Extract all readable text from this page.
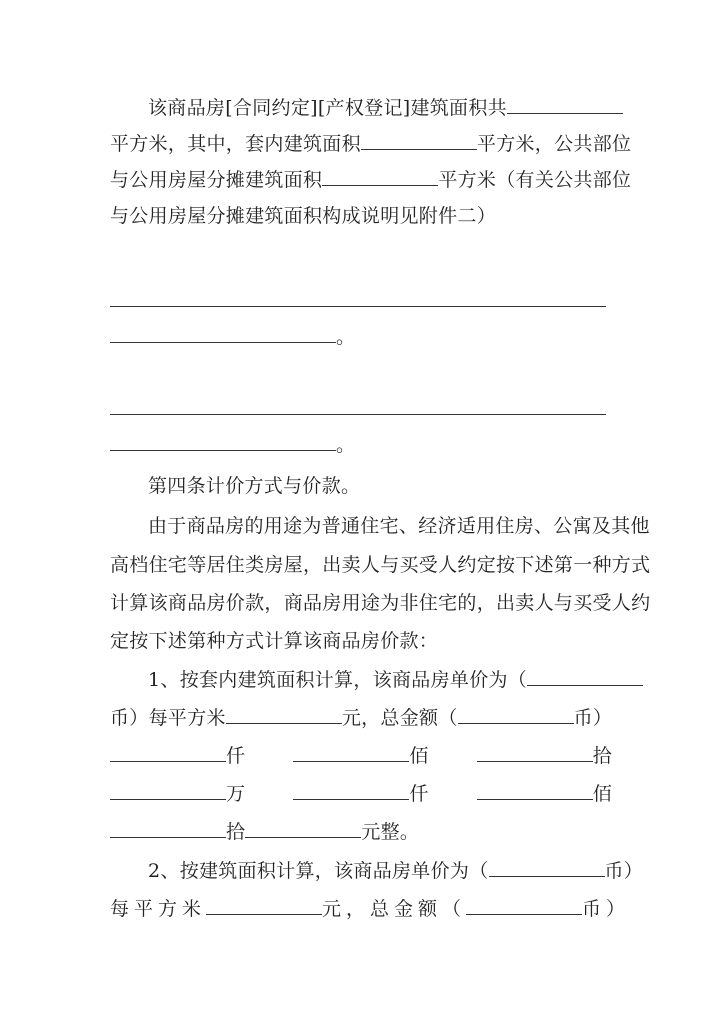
该商品房[合同约定][产权登记]建筑面积共
平方米，其中，套内建筑面积	平方米，公共部位
与公用房屋分摊建筑面积	平方米（有关公共部位
与公用房屋分摊建筑面积构成说明见附件二）
。
。
第四条计价方式与价款。
由于商品房的用途为普通住宅、经济适用住房、公寓及其他
高档住宅等居住类房屋，出卖人与买受人约定按下述第一种方式
计算该商品房价款，商品房用途为非住宅的，出卖人与买受人约
定按下述第种方式计算该商品房价款：
1、按套内建筑面积计算，该商品房单价为（
币）每平方米	元，总金额（	币）
仟	佰	拾
万	仟	佰
拾	元整。
2、按建筑面积计算，该商品房单价为（	币）
每平方米	元，总金额（	币）
